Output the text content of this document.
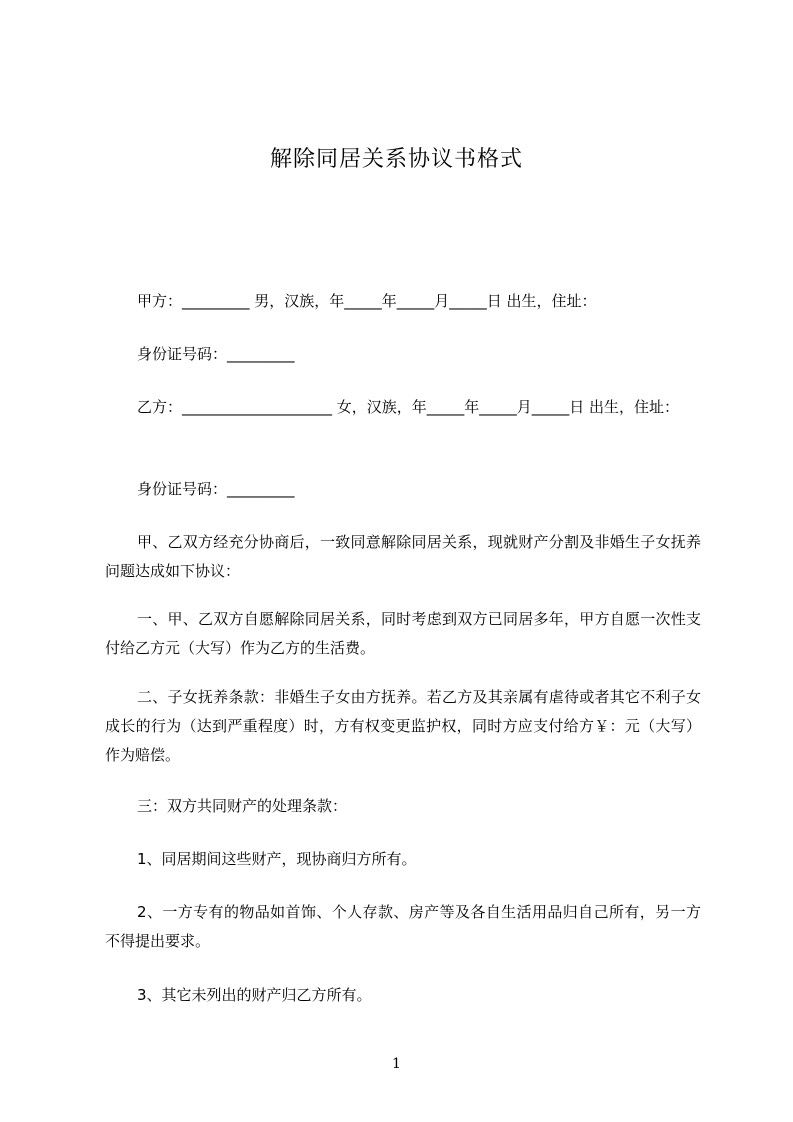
解除同居关系协议书格式
甲方：_________ 男，汉族，年_____年_____月_____日 出生，住址：
身份证号码：_________
乙方：____________________ 女，汉族，年_____年_____月_____日 出生，住址：
身份证号码：_________
甲、乙双方经充分协商后，一致同意解除同居关系，现就财产分割及非婚生子女抚养问题达成如下协议：
一、甲、乙双方自愿解除同居关系，同时考虑到双方已同居多年，甲方自愿一次性支付给乙方元（大写）作为乙方的生活费。
二、子女抚养条款：非婚生子女由方抚养。若乙方及其亲属有虐待或者其它不利子女成长的行为（达到严重程度）时，方有权变更监护权，同时方应支付给方￥：元（大写）作为赔偿。
三：双方共同财产的处理条款：
1、同居期间这些财产，现协商归方所有。
2、一方专有的物品如首饰、个人存款、房产等及各自生活用品归自己所有，另一方不得提出要求。
3、其它未列出的财产归乙方所有。
1
